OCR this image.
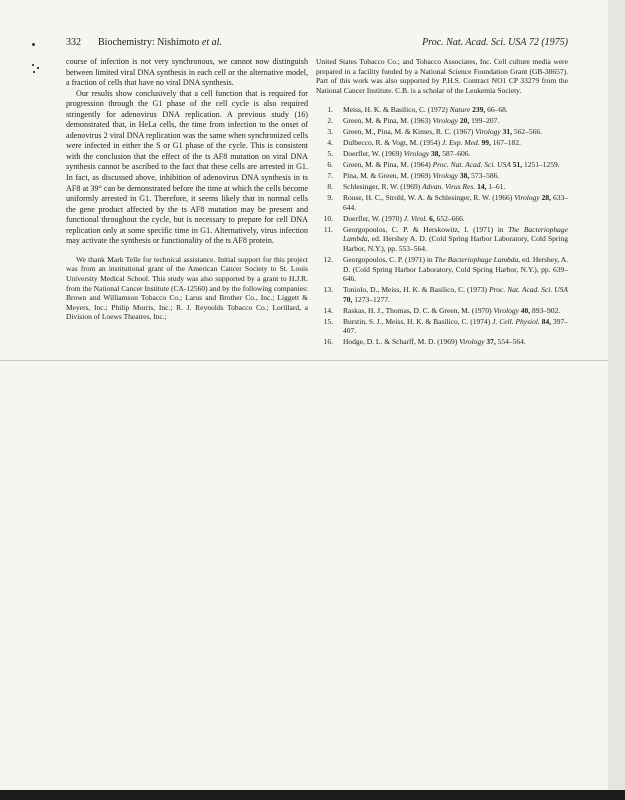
332 Biochemistry: Nishimoto et al.	Proc. Nat. Acad. Sci. USA 72 (1975)

course of infection is not very synchronous, we cannot now distinguish between limited viral DNA synthesis in each cell or the alternative model, a fraction of cells that have no viral DNA synthesis.

Our results show conclusively that a cell function that is required for progression through the G1 phase of the cell cycle is also required stringently for adenovirus DNA replication. A previous study (16) demonstrated that, in HeLa cells, the time from infection to the onset of adenovirus 2 viral DNA replication was the same when synchronized cells were infected in either the S or G1 phase of the cycle. This is consistent with the conclusion that the effect of the ts AF8 mutation on viral DNA synthesis cannot be ascribed to the fact that these cells are arrested in G1. In fact, as discussed above, inhibition of adenovirus DNA synthesis in ts AF8 at 39° can be demonstrated before the time at which the cells become uniformly arrested in G1. Therefore, it seems likely that in normal cells the gene product affected by the ts AF8 mutation may be present and functional throughout the cycle, but is necessary to prepare for cell DNA replication only at some specific time in G1. Alternatively, virus infection may activate the synthesis or functionality of the ts AF8 protein.

We thank Mark Telle for technical assistance. Initial support for this project was from an institutional grant of the American Cancer Society to St. Louis University Medical School. This study was also supported by a grant to H.J.R. from the National Cancer Institute (CA-12560) and by the following companies: Brown and Williamson Tobacco Co.; Larus and Brother Co., Inc.; Liggett & Meyers, Inc.; Philip Morris, Inc.; R. J. Reynolds Tobacco Co.; Lorillard, a Division of Loews Theatres, Inc.;

United States Tobacco Co.; and Tobacco Associates, Inc. Cell culture media were prepared in a facility funded by a National Science Foundation Grant (GB-38657). Part of this work was also supported by P.H.S. Contract NO1 CP 33279 from the National Cancer Institute. C.B. is a scholar of the Leukemia Society.

1. Meiss, H. K. & Basilico, C. (1972) Nature 239, 66–68.
2. Green, M. & Pina, M. (1963) Virology 20, 199–207.
3. Green, M., Pina, M. & Kimes, R. C. (1967) Virology 31, 562–566.
4. Dulbecco, R. & Vogt, M. (1954) J. Exp. Med. 99, 167–182.
5. Doerfler, W. (1969) Virology 38, 587–606.
6. Green, M. & Pina, M. (1964) Proc. Nat. Acad. Sci. USA 51, 1251–1259.
7. Pina, M. & Green, M. (1969) Virology 38, 573–586.
8. Schlesinger, R. W. (1969) Advan. Virus Res. 14, 1–61.
9. Rouse, H. C., Strohl, W. A. & Schlesinger, R. W. (1966) Virology 28, 633–644.
10. Doerfler, W. (1970) J. Virol. 6, 652–666.
11. Georgopoulos, C. P. & Herskowitz, I. (1971) in The Bacteriophage Lambda, ed. Hershey A. D. (Cold Spring Harbor Laboratory, Cold Spring Harbor, N.Y.), pp. 553–564.
12. Georgopoulos, C. P. (1971) in The Bacteriophage Lambda, ed. Hershey, A. D. (Cold Spring Harbor Laboratory, Cold Spring Harbor, N.Y.), pp. 639–646.
13. Toniolo, D., Meiss, H. K. & Basilico, C. (1973) Proc. Nat. Acad. Sci. USA 70, 1273–1277.
14. Raskas, H. J., Thomas, D. C. & Green, M. (1970) Virology 40, 893–902.
15. Burstin, S. J., Meiss, H. K. & Basilico, C. (1974) J. Cell. Physiol. 84, 397–407.
16. Hodge, D. L. & Scharff, M. D. (1969) Virology 37, 554–564.
